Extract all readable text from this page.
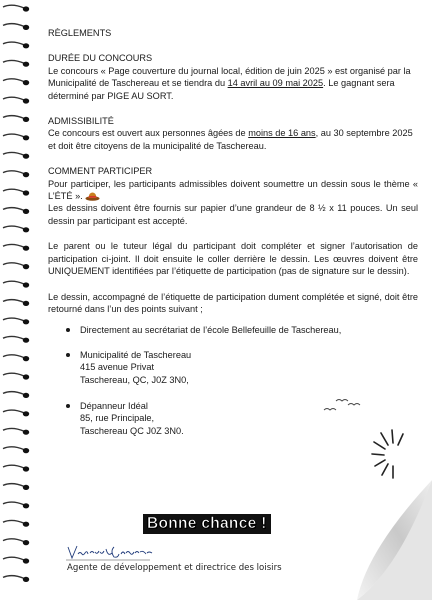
RÈGLEMENTS

DURÉE DU CONCOURS

Le concours « Page couverture du journal local, édition de juin 2025 » est organisé par la Municipalité de Taschereau et se tiendra du 14 avril au 09 mai 2025. Le gagnant sera déterminé par PIGE AU SORT.

ADMISSIBILITÉ

Ce concours est ouvert aux personnes âgées de moins de 16 ans, au 30 septembre 2025 et doit être citoyens de la municipalité de Taschereau.

COMMENT PARTICIPER

Pour participer, les participants admissibles doivent soumettre un dessin sous le thème « L’ÉTÉ ».

Les dessins doivent être fournis sur papier d’une grandeur de 8 ½ x 11 pouces. Un seul dessin par participant est accepté.

Le parent ou le tuteur légal du participant doit compléter et signer l’autorisation de participation ci-joint. Il doit ensuite le coller derrière le dessin. Les œuvres doivent être UNIQUEMENT identifiées par l’étiquette de participation (pas de signature sur le dessin).

Le dessin, accompagné de l’étiquette de participation dument complétée et signé, doit être retourné dans l’un des points suivant ;

Directement au secrétariat de l’école Bellefeuille de Taschereau,
Municipalité de Taschereau
415 avenue Privat
Taschereau, QC, J0Z 3N0,
Dépanneur Idéal
85, rue Principale,
Taschereau QC J0Z 3N0.
Bonne chance !
Agente de développement et directrice des loisirs
